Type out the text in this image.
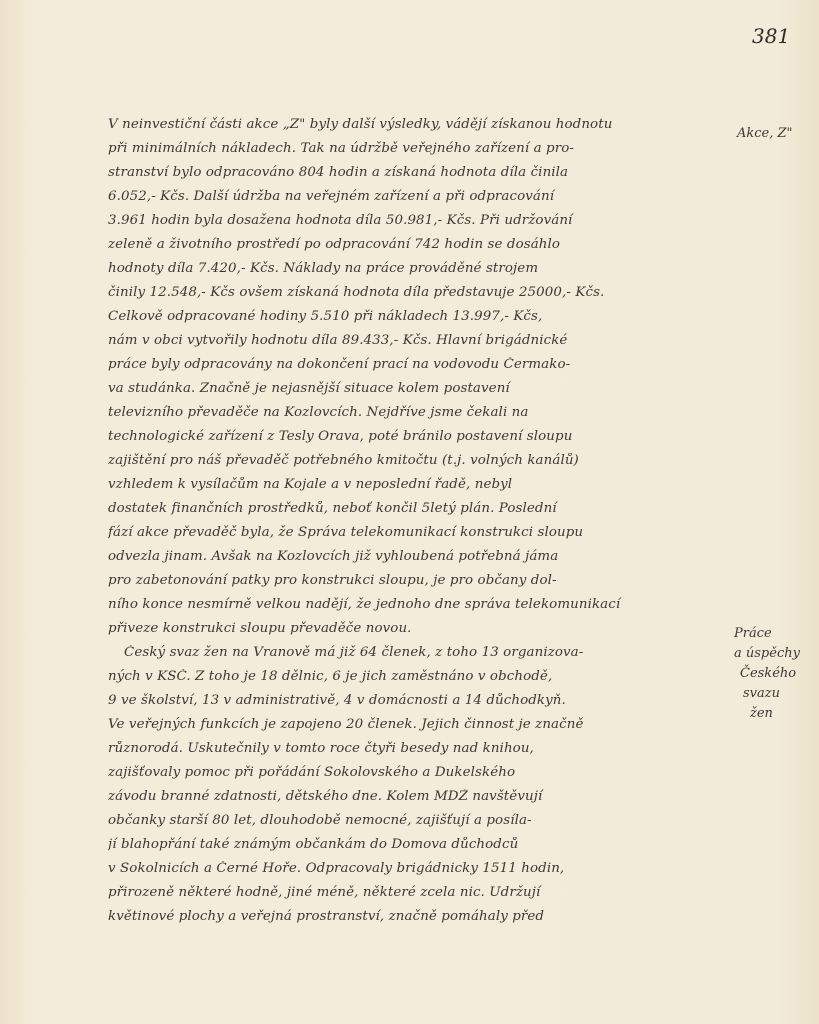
381
Akce, Z"
Práce
a úspěchy
Českého
svazu
žen
V neinvestiční části akce „Z" byly další výsledky, vádějí získanou hodnotu
při minimálních nákladech. Tak na údržbě veřejného zařízení a pro-
stranství bylo odpracováno 804 hodin a získaná hodnota díla činila
6.052,- Kčs. Další údržba na veřejném zařízení a při odpracování
3.961 hodin byla dosažena hodnota díla 50.981,- Kčs. Při udržování
zeleně a životního prostředí po odpracování 742 hodin se dosáhlo
hodnoty díla 7.420,- Kčs. Náklady na práce prováděné strojem
činily 12.548,- Kčs ovšem získaná hodnota díla představuje 25000,- Kčs.
Celkově odpracované hodiny 5.510 při nákladech 13.997,- Kčs,
nám v obci vytvořily hodnotu díla 89.433,- Kčs. Hlavní brigádnické
práce byly odpracovány na dokončení prací na vodovodu Čermako-
va studánka. Značně je nejasnější situace kolem postavení
televizního převaděče na Kozlovcích. Nejdříve jsme čekali na
technologické zařízení z Tesly Orava, poté bránilo postavení sloupu
zajištění pro náš převaděč potřebného kmitočtu (t.j. volných kanálů)
vzhledem k vysílačům na Kojale a v neposlední řadě, nebyl
dostatek finančních prostředků, neboť končil 5letý plán. Poslední
fází akce převaděč byla, že Správa telekomunikací konstrukci sloupu
odvezla jinam. Avšak na Kozlovcích již vyhloubená potřebná jáma
pro zabetonování patky pro konstrukci sloupu, je pro občany dol-
ního konce nesmírně velkou nadějí, že jednoho dne správa telekomunikací
přiveze konstrukci sloupu převaděče novou.
Český svaz žen na Vranově má již 64 členek, z toho 13 organizova-
ných v KSČ. Z toho je 18 dělnic, 6 je jich zaměstnáno v obchodě,
9 ve školství, 13 v administrativě, 4 v domácnosti a 14 důchodkyň.
Ve veřejných funkcích je zapojeno 20 členek. Jejich činnost je značně
různorodá. Uskutečnily v tomto roce čtyři besedy nad knihou,
zajišťovaly pomoc při pořádání Sokolovského a Dukelského
závodu branné zdatnosti, dětského dne. Kolem MDŽ navštěvují
občanky starší 80 let, dlouhodobě nemocné, zajišťují a posíla-
jí blahopřání také známým občankám do Domova důchodců
v Sokolnicích a Černé Hoře. Odpracovaly brigádnicky 1511 hodin,
přirozeně některé hodně, jiné méně, některé zcela nic. Udržují
květinové plochy a veřejná prostranství, značně pomáhaly před
